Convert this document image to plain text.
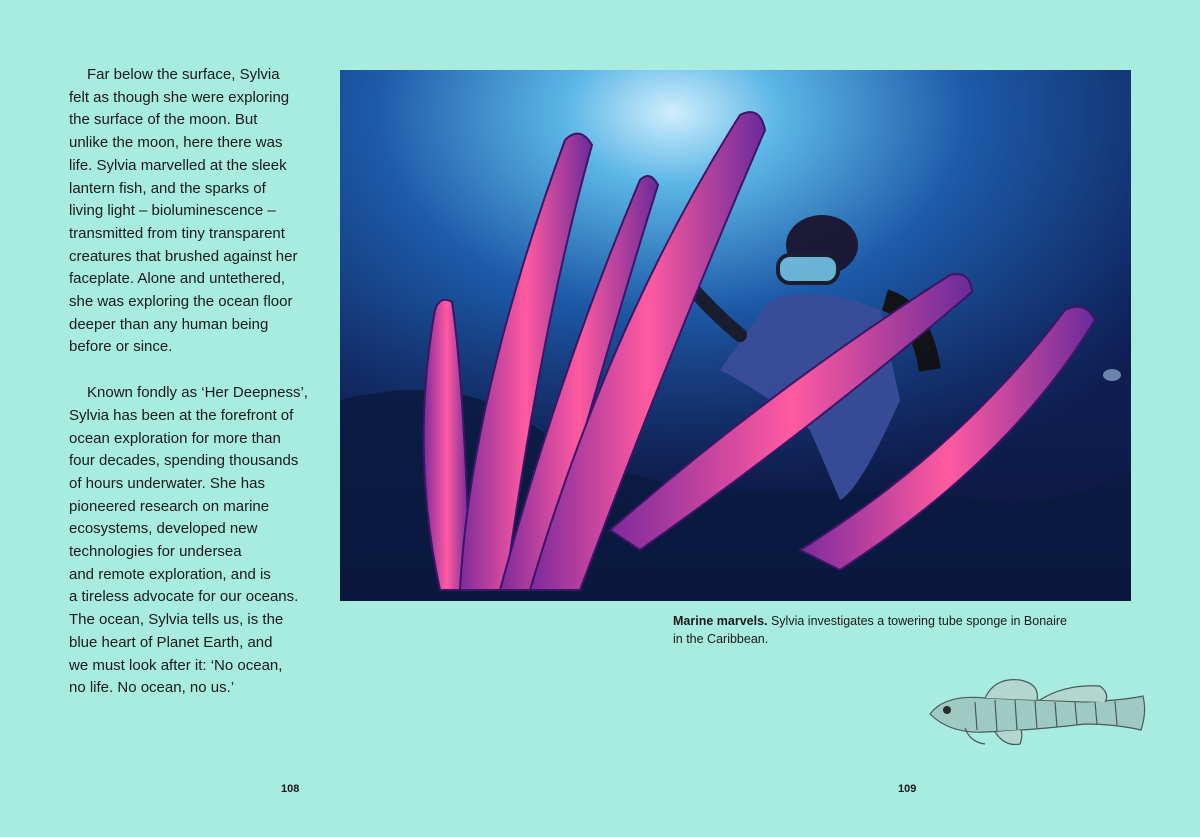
Far below the surface, Sylvia
felt as though she were exploring
the surface of the moon. But
unlike the moon, here there was
life. Sylvia marvelled at the sleek
lantern fish, and the sparks of
living light – bioluminescence –
transmitted from tiny transparent
creatures that brushed against her
faceplate. Alone and untethered,
she was exploring the ocean floor
deeper than any human being
before or since.

Known fondly as ‘Her Deepness’,
Sylvia has been at the forefront of
ocean exploration for more than
four decades, spending thousands
of hours underwater. She has
pioneered research on marine
ecosystems, developed new
technologies for undersea
and remote exploration, and is
a tireless advocate for our oceans.
The ocean, Sylvia tells us, is the
blue heart of Planet Earth, and
we must look after it: ‘No ocean,
no life. No ocean, no us.’

Marine marvels. Sylvia investigates a towering tube sponge in Bonaire
in the Caribbean.
108	109
